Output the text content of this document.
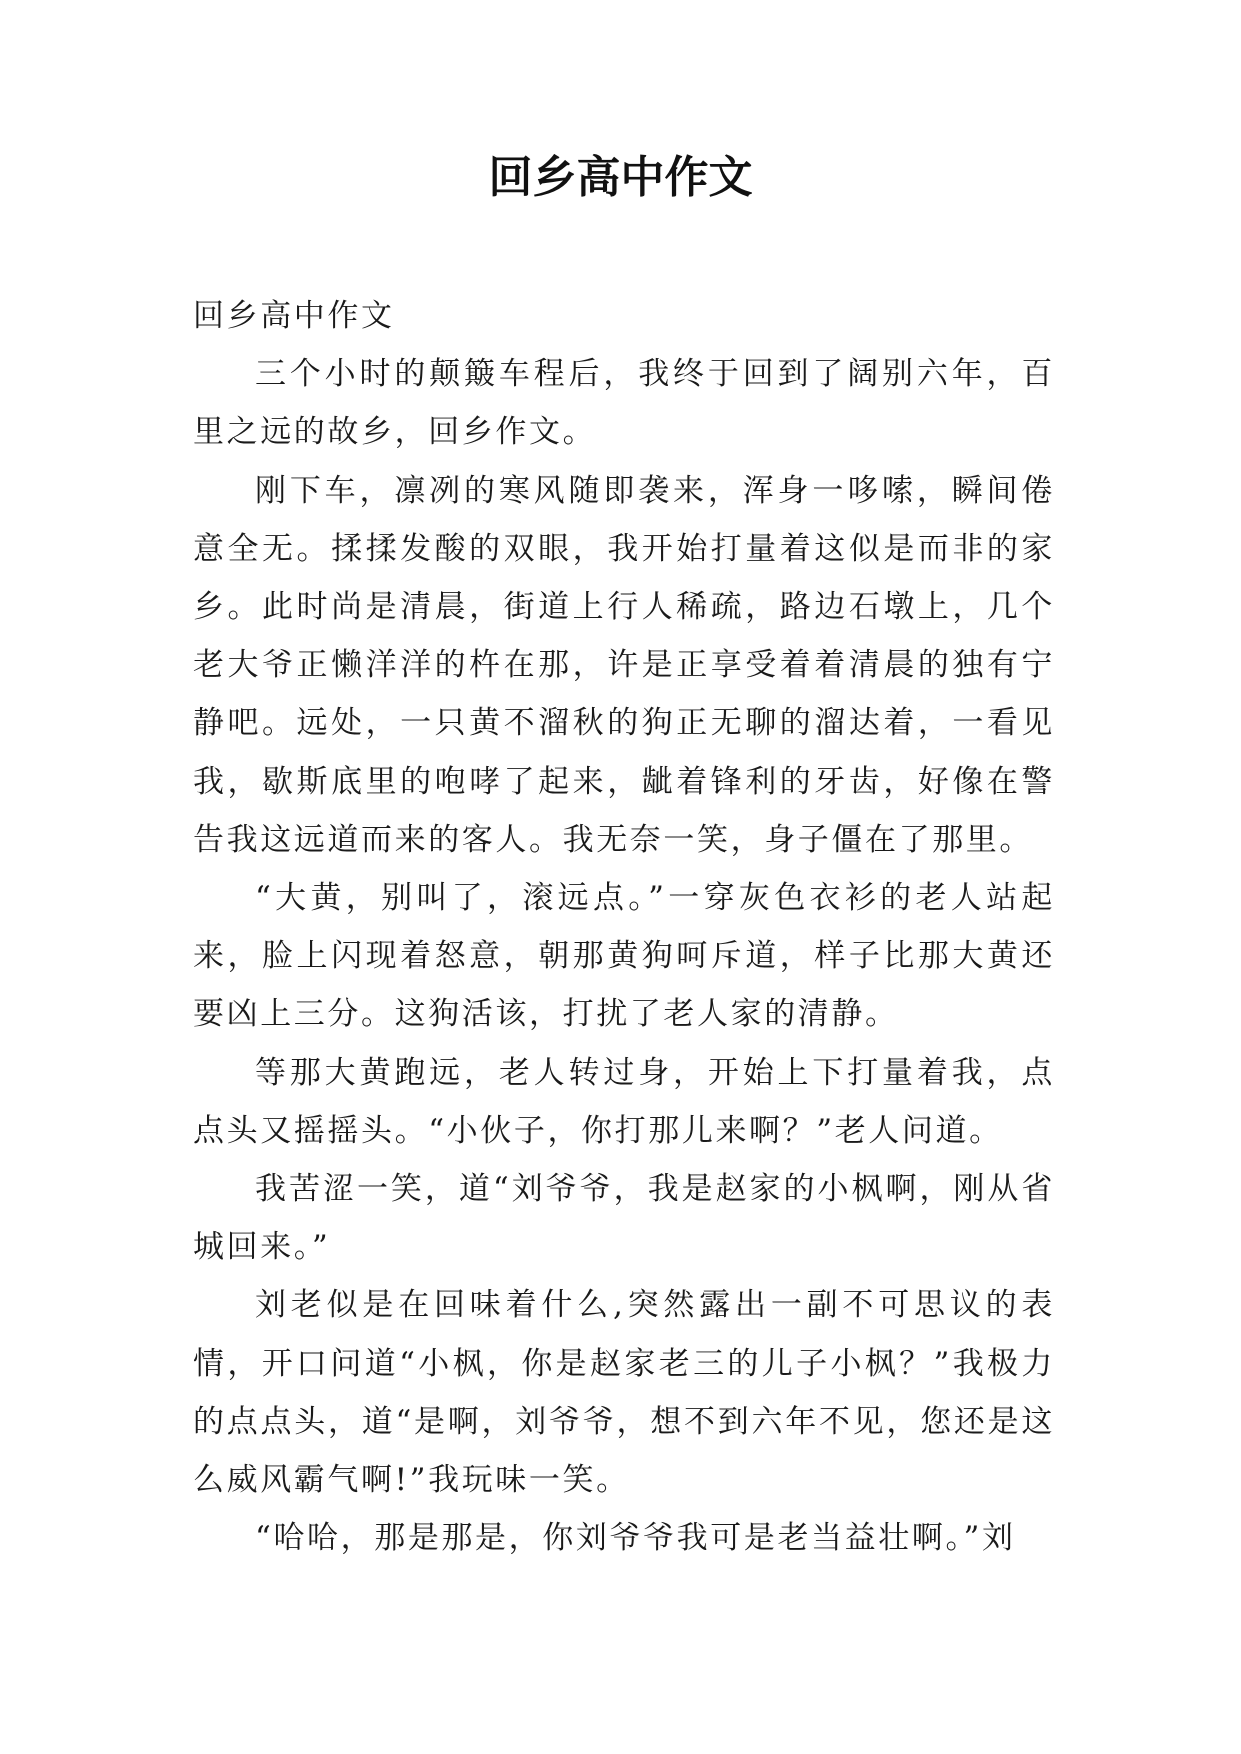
回乡高中作文

回乡高中作文

三个小时的颠簸车程后，我终于回到了阔别六年，百里之远的故乡，回乡作文。

刚下车，凛冽的寒风随即袭来，浑身一哆嗦，瞬间倦意全无。揉揉发酸的双眼，我开始打量着这似是而非的家乡。此时尚是清晨，街道上行人稀疏，路边石墩上，几个老大爷正懒洋洋的杵在那，许是正享受着着清晨的独有宁静吧。远处，一只黄不溜秋的狗正无聊的溜达着，一看见我，歇斯底里的咆哮了起来，龇着锋利的牙齿，好像在警告我这远道而来的客人。我无奈一笑，身子僵在了那里。

“大黄，别叫了，滚远点。”一穿灰色衣衫的老人站起来，脸上闪现着怒意，朝那黄狗呵斥道，样子比那大黄还要凶上三分。这狗活该，打扰了老人家的清静。

等那大黄跑远，老人转过身，开始上下打量着我，点点头又摇摇头。“小伙子，你打那儿来啊？”老人问道。

我苦涩一笑，道“刘爷爷，我是赵家的小枫啊，刚从省城回来。”

刘老似是在回味着什么,突然露出一副不可思议的表情，开口问道“小枫，你是赵家老三的儿子小枫？”我极力的点点头，道“是啊，刘爷爷，想不到六年不见，您还是这么威风霸气啊!”我玩味一笑。

“哈哈，那是那是，你刘爷爷我可是老当益壮啊。”刘
